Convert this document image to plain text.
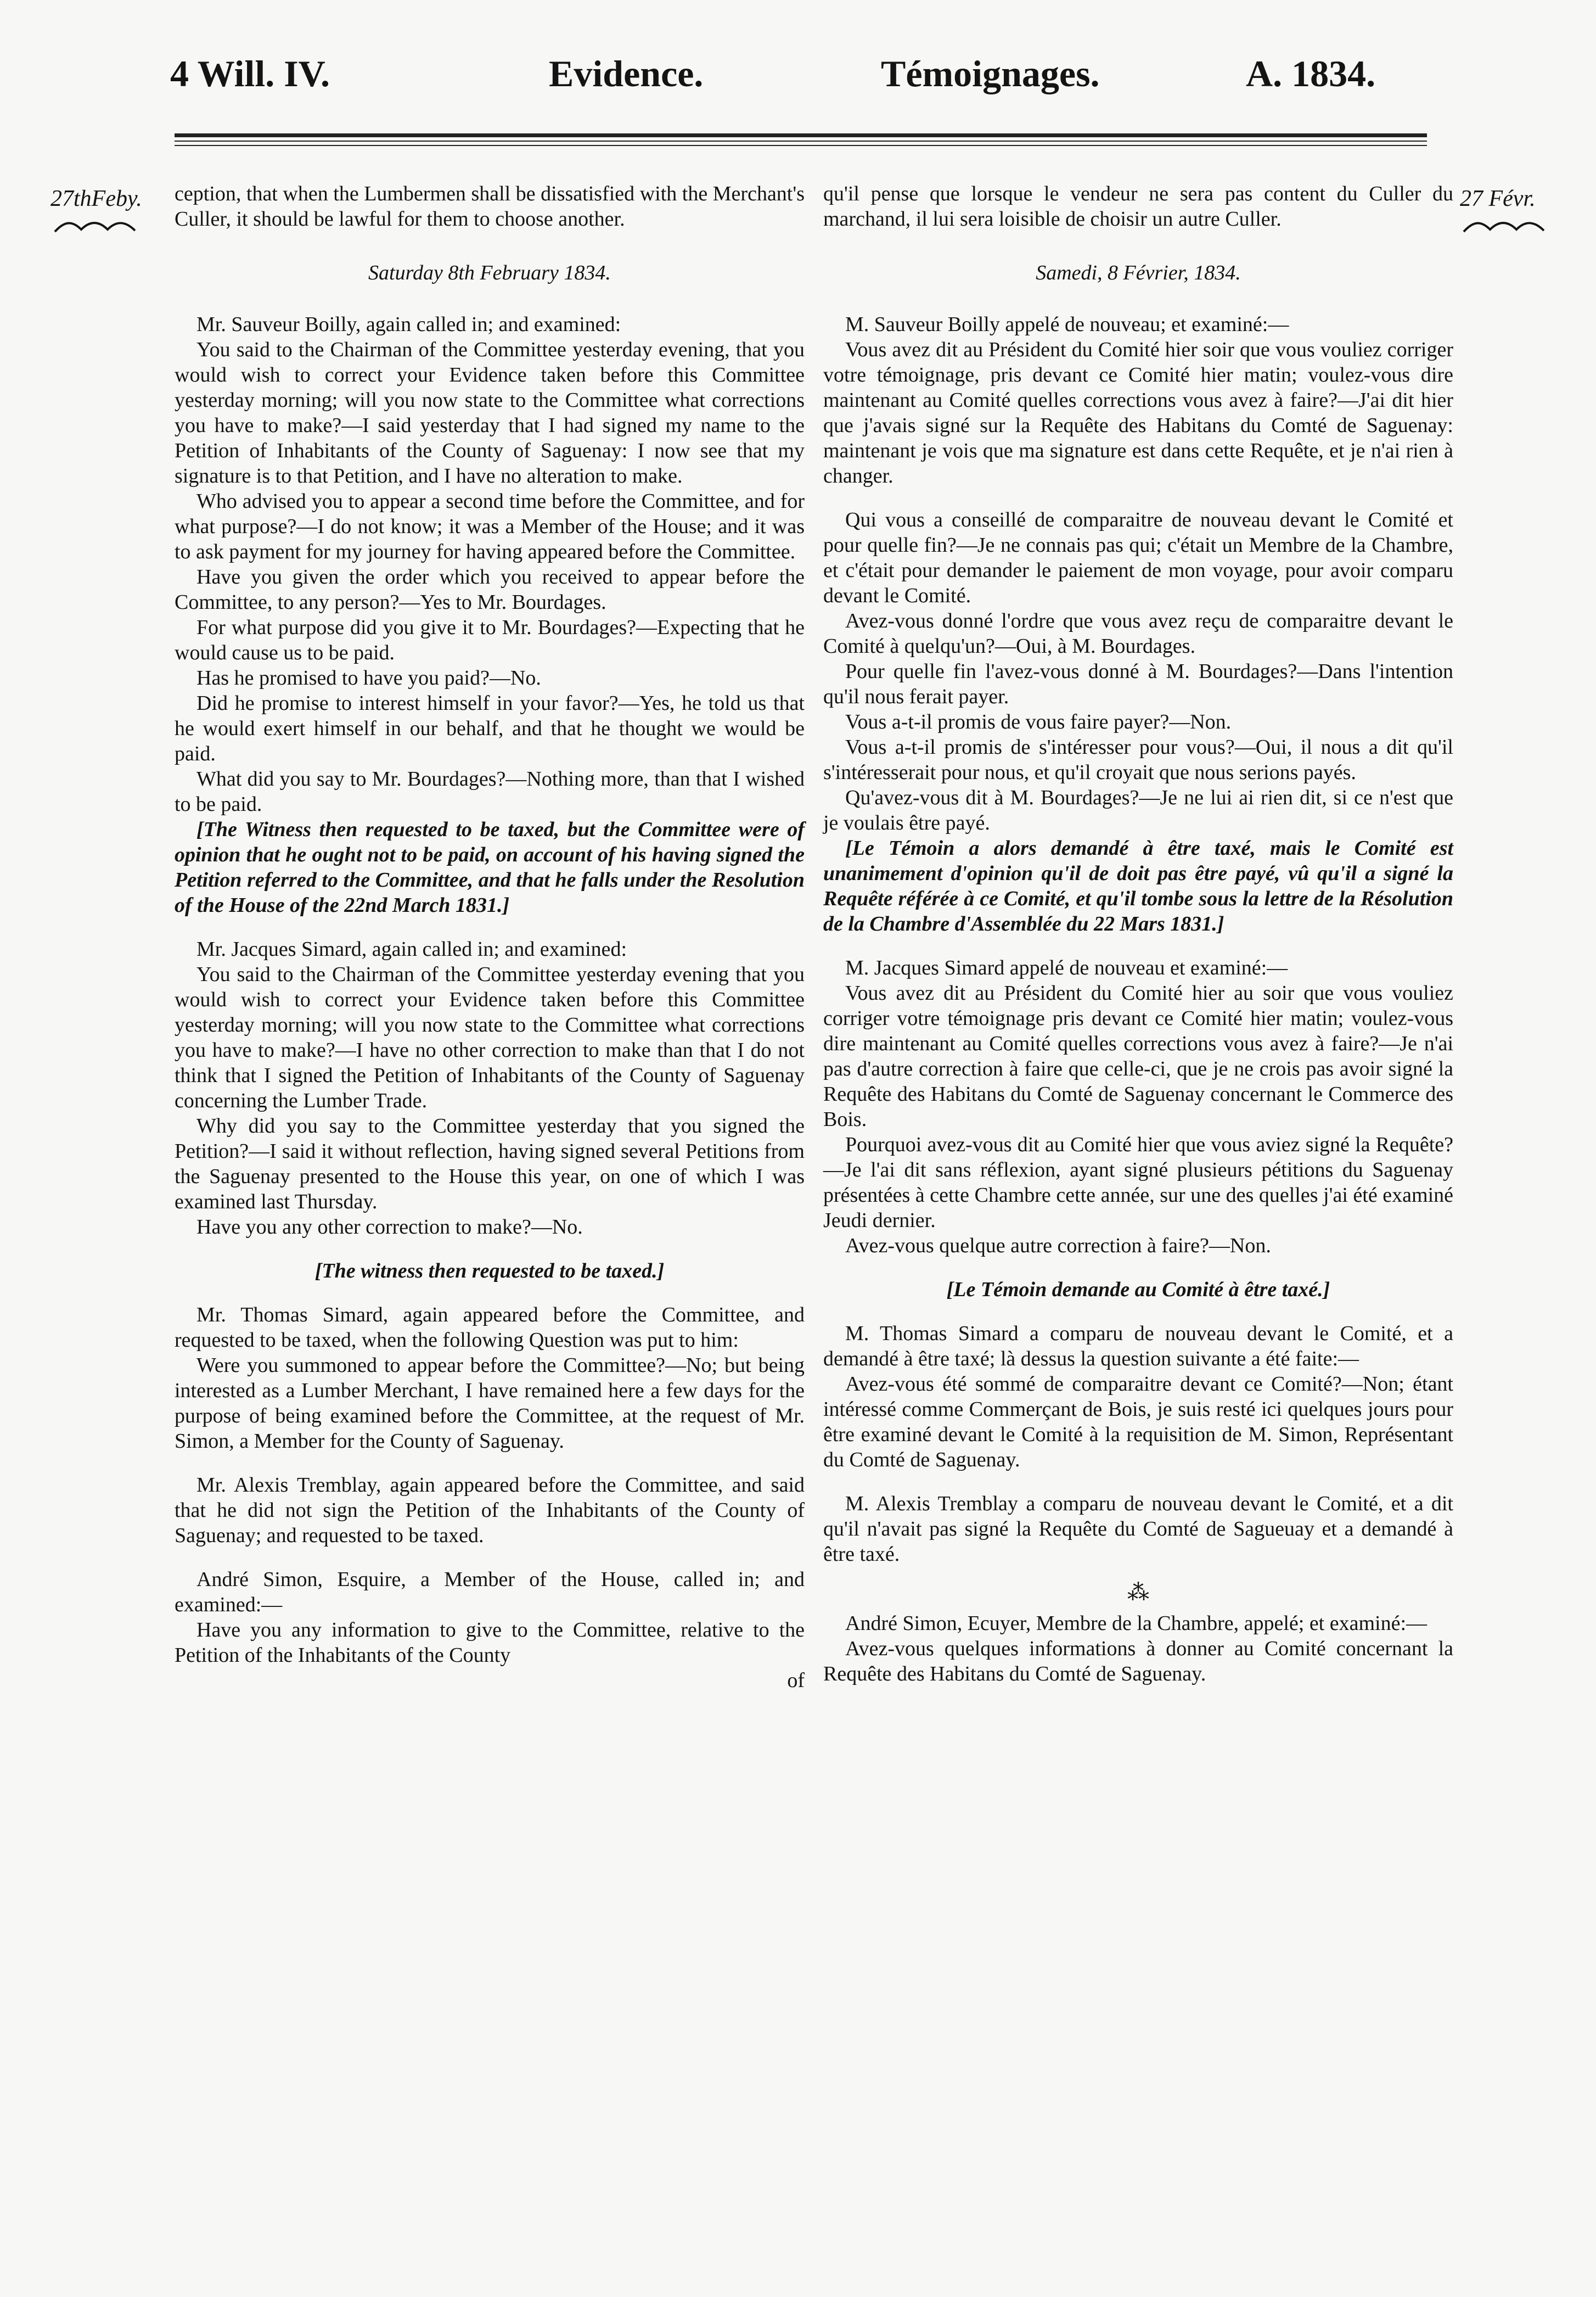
4 Will. IV.	Evidence.	Témoignages.	A. 1834.
27thFeby.	27 Févr.

ception, that when the Lumbermen shall be dissatisfied with the Merchant's Culler, it should be lawful for them to choose another.

Saturday 8th February 1834.

Mr. Sauveur Boilly, again called in; and examined:

You said to the Chairman of the Committee yesterday evening, that you would wish to correct your Evidence taken before this Committee yesterday morning; will you now state to the Committee what corrections you have to make?—I said yesterday that I had signed my name to the Petition of Inhabitants of the County of Saguenay: I now see that my signature is to that Petition, and I have no alteration to make.

Who advised you to appear a second time before the Committee, and for what purpose?—I do not know; it was a Member of the House; and it was to ask payment for my journey for having appeared before the Committee.

Have you given the order which you received to appear before the Committee, to any person?—Yes to Mr. Bourdages.

For what purpose did you give it to Mr. Bourdages?—Expecting that he would cause us to be paid.

Has he promised to have you paid?—No.

Did he promise to interest himself in your favor?—Yes, he told us that he would exert himself in our behalf, and that he thought we would be paid.

What did you say to Mr. Bourdages?—Nothing more, than that I wished to be paid.

[The Witness then requested to be taxed, but the Committee were of opinion that he ought not to be paid, on account of his having signed the Petition referred to the Committee, and that he falls under the Resolution of the House of the 22nd March 1831.]

Mr. Jacques Simard, again called in; and examined:

You said to the Chairman of the Committee yesterday evening that you would wish to correct your Evidence taken before this Committee yesterday morning; will you now state to the Committee what corrections you have to make?—I have no other correction to make than that I do not think that I signed the Petition of Inhabitants of the County of Saguenay concerning the Lumber Trade.

Why did you say to the Committee yesterday that you signed the Petition?—I said it without reflection, having signed several Petitions from the Saguenay presented to the House this year, on one of which I was examined last Thursday.

Have you any other correction to make?—No.

[The witness then requested to be taxed.]

Mr. Thomas Simard, again appeared before the Committee, and requested to be taxed, when the following Question was put to him:

Were you summoned to appear before the Committee?—No; but being interested as a Lumber Merchant, I have remained here a few days for the purpose of being examined before the Committee, at the request of Mr. Simon, a Member for the County of Saguenay.

Mr. Alexis Tremblay, again appeared before the Committee, and said that he did not sign the Petition of the Inhabitants of the County of Saguenay; and requested to be taxed.

André Simon, Esquire, a Member of the House, called in; and examined:—

Have you any information to give to the Committee, relative to the Petition of the Inhabitants of the County

of

qu'il pense que lorsque le vendeur ne sera pas content du Culler du marchand, il lui sera loisible de choisir un autre Culler.

Samedi, 8 Février, 1834.

M. Sauveur Boilly appelé de nouveau; et examiné:—

Vous avez dit au Président du Comité hier soir que vous vouliez corriger votre témoignage, pris devant ce Comité hier matin; voulez-vous dire maintenant au Comité quelles corrections vous avez à faire?—J'ai dit hier que j'avais signé sur la Requête des Habitans du Comté de Saguenay: maintenant je vois que ma signature est dans cette Requête, et je n'ai rien à changer.

Qui vous a conseillé de comparaitre de nouveau devant le Comité et pour quelle fin?—Je ne connais pas qui; c'était un Membre de la Chambre, et c'était pour demander le paiement de mon voyage, pour avoir comparu devant le Comité.

Avez-vous donné l'ordre que vous avez reçu de comparaitre devant le Comité à quelqu'un?—Oui, à M. Bourdages.

Pour quelle fin l'avez-vous donné à M. Bourdages?—Dans l'intention qu'il nous ferait payer.

Vous a-t-il promis de vous faire payer?—Non.

Vous a-t-il promis de s'intéresser pour vous?—Oui, il nous a dit qu'il s'intéresserait pour nous, et qu'il croyait que nous serions payés.

Qu'avez-vous dit à M. Bourdages?—Je ne lui ai rien dit, si ce n'est que je voulais être payé.

[Le Témoin a alors demandé à être taxé, mais le Comité est unanimement d'opinion qu'il de doit pas être payé, vû qu'il a signé la Requête référée à ce Comité, et qu'il tombe sous la lettre de la Résolution de la Chambre d'Assemblée du 22 Mars 1831.]

M. Jacques Simard appelé de nouveau et examiné:—

Vous avez dit au Président du Comité hier au soir que vous vouliez corriger votre témoignage pris devant ce Comité hier matin; voulez-vous dire maintenant au Comité quelles corrections vous avez à faire?—Je n'ai pas d'autre correction à faire que celle-ci, que je ne crois pas avoir signé la Requête des Habitans du Comté de Saguenay concernant le Commerce des Bois.

Pourquoi avez-vous dit au Comité hier que vous aviez signé la Requête?—Je l'ai dit sans réflexion, ayant signé plusieurs pétitions du Saguenay présentées à cette Chambre cette année, sur une des quelles j'ai été examiné Jeudi dernier.

Avez-vous quelque autre correction à faire?—Non.

[Le Témoin demande au Comité à être taxé.]

M. Thomas Simard a comparu de nouveau devant le Comité, et a demandé à être taxé; là dessus la question suivante a été faite:—

Avez-vous été sommé de comparaitre devant ce Comité?—Non; étant intéressé comme Commerçant de Bois, je suis resté ici quelques jours pour être examiné devant le Comité à la requisition de M. Simon, Représentant du Comté de Saguenay.

M. Alexis Tremblay a comparu de nouveau devant le Comité, et a dit qu'il n'avait pas signé la Requête du Comté de Sagueuay et a demandé à être taxé.

⁂

André Simon, Ecuyer, Membre de la Chambre, appelé; et examiné:—

Avez-vous quelques informations à donner au Comité concernant la Requête des Habitans du Comté de Saguenay.
